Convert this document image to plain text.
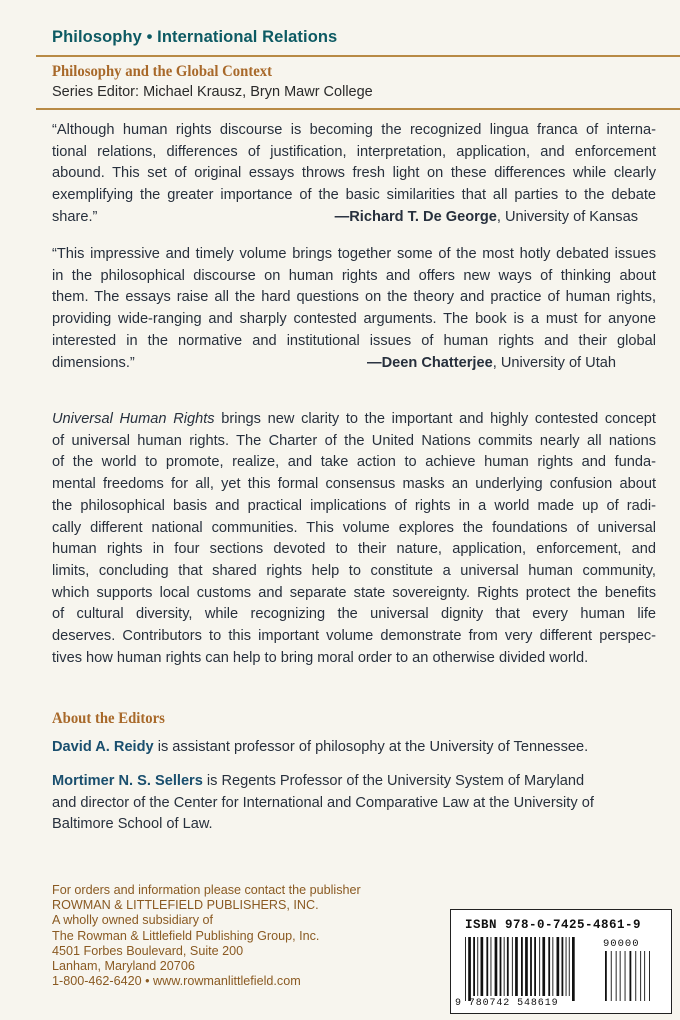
Philosophy • International Relations
Philosophy and the Global Context
Series Editor: Michael Krausz, Bryn Mawr College
“Although human rights discourse is becoming the recognized lingua franca of interna-
tional relations, differences of justification, interpretation, application, and enforcement
abound. This set of original essays throws fresh light on these differences while clearly
exemplifying the greater importance of the basic similarities that all parties to the debate
share.”	—Richard T. De George, University of Kansas
“This impressive and timely volume brings together some of the most hotly debated issues
in the philosophical discourse on human rights and offers new ways of thinking about
them. The essays raise all the hard questions on the theory and practice of human rights,
providing wide-ranging and sharply contested arguments. The book is a must for anyone
interested in the normative and institutional issues of human rights and their global
dimensions.”	—Deen Chatterjee, University of Utah
Universal Human Rights brings new clarity to the important and highly contested concept
of universal human rights. The Charter of the United Nations commits nearly all nations
of the world to promote, realize, and take action to achieve human rights and funda-
mental freedoms for all, yet this formal consensus masks an underlying confusion about
the philosophical basis and practical implications of rights in a world made up of radi-
cally different national communities. This volume explores the foundations of universal
human rights in four sections devoted to their nature, application, enforcement, and
limits, concluding that shared rights help to constitute a universal human community,
which supports local customs and separate state sovereignty. Rights protect the benefits
of cultural diversity, while recognizing the universal dignity that every human life
deserves. Contributors to this important volume demonstrate from very different perspec-
tives how human rights can help to bring moral order to an otherwise divided world.
About the Editors
David A. Reidy is assistant professor of philosophy at the University of Tennessee.
Mortimer N. S. Sellers is Regents Professor of the University System of Maryland
and director of the Center for International and Comparative Law at the University of
Baltimore School of Law.
For orders and information please contact the publisher
ROWMAN & LITTLEFIELD PUBLISHERS, INC.
A wholly owned subsidiary of
The Rowman & Littlefield Publishing Group, Inc.
4501 Forbes Boulevard, Suite 200
Lanham, Maryland 20706
1-800-462-6420 • www.rowmanlittlefield.com
ISBN 978-0-7425-4861-9
90000
9 780742 548619
